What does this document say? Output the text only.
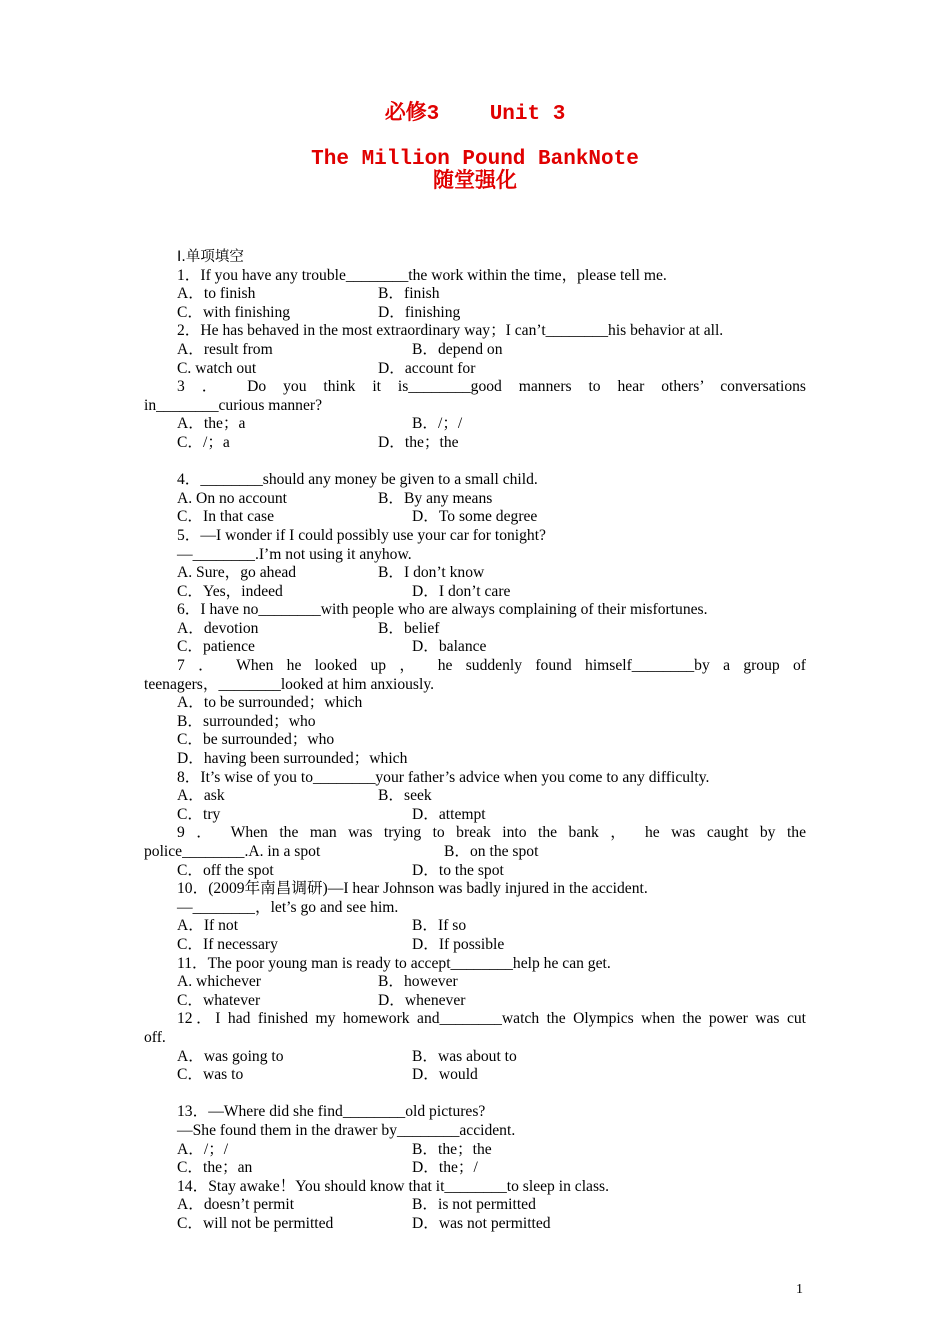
必修3    Unit 3
The Million Pound BankNote
随堂强化
Ⅰ.单项填空
1．If you have any trouble________the work within the time，please tell me.
A．to finish	B．finish
C．with finishing	D．finishing
2．He has behaved in the most extraordinary way；I can’t________his behavior at all.
A．result from	B．depend on
C. watch out	D．account for
3 ． Do you think it is________good manners to hear others’ conversations
in________curious manner?
A．the；a	B．/；/
C．/；a	D．the；the
4．________should any money be given to a small child.
A. On no account	B．By any means
C．In that case	D．To some degree
5．—I wonder if I could possibly use your car for tonight?
—________.I’m not using it anyhow.
A. Sure，go ahead	B．I don’t know
C．Yes，indeed	D．I don’t care
6．I have no________with people who are always complaining of their misfortunes.
A．devotion	B．belief
C．patience	D．balance
7 ． When he looked up ， he suddenly found himself________by a group of
teenagers，________looked at him anxiously.
A．to be surrounded；which
B．surrounded；who
C．be surrounded；who
D．having been surrounded；which
8．It’s wise of you to________your father’s advice when you come to any difficulty.
A．ask	B．seek
C．try	D．attempt
9 ． When the man was trying to break into the bank ， he was caught by the
police________.A. in a spot	B．on the spot
C．off the spot	D．to the spot
10．(2009年南昌调研)—I hear Johnson was badly injured in the accident.
—________，let’s go and see him.
A．If not	B．If so
C．If necessary	D．If possible
11．The poor young man is ready to accept________help he can get.
A. whichever	B．however
C．whatever	D．whenever
12．I had finished my homework and________watch the Olympics when the power was cut
off.
A．was going to	B．was about to
C．was to	D．would
13．—Where did she find________old pictures?
—She found them in the drawer by________accident.
A．/；/	B．the；the
C．the；an	D．the；/
14．Stay awake！You should know that it________to sleep in class.
A．doesn’t permit	B．is not permitted
C．will not be permitted	D．was not permitted
1
